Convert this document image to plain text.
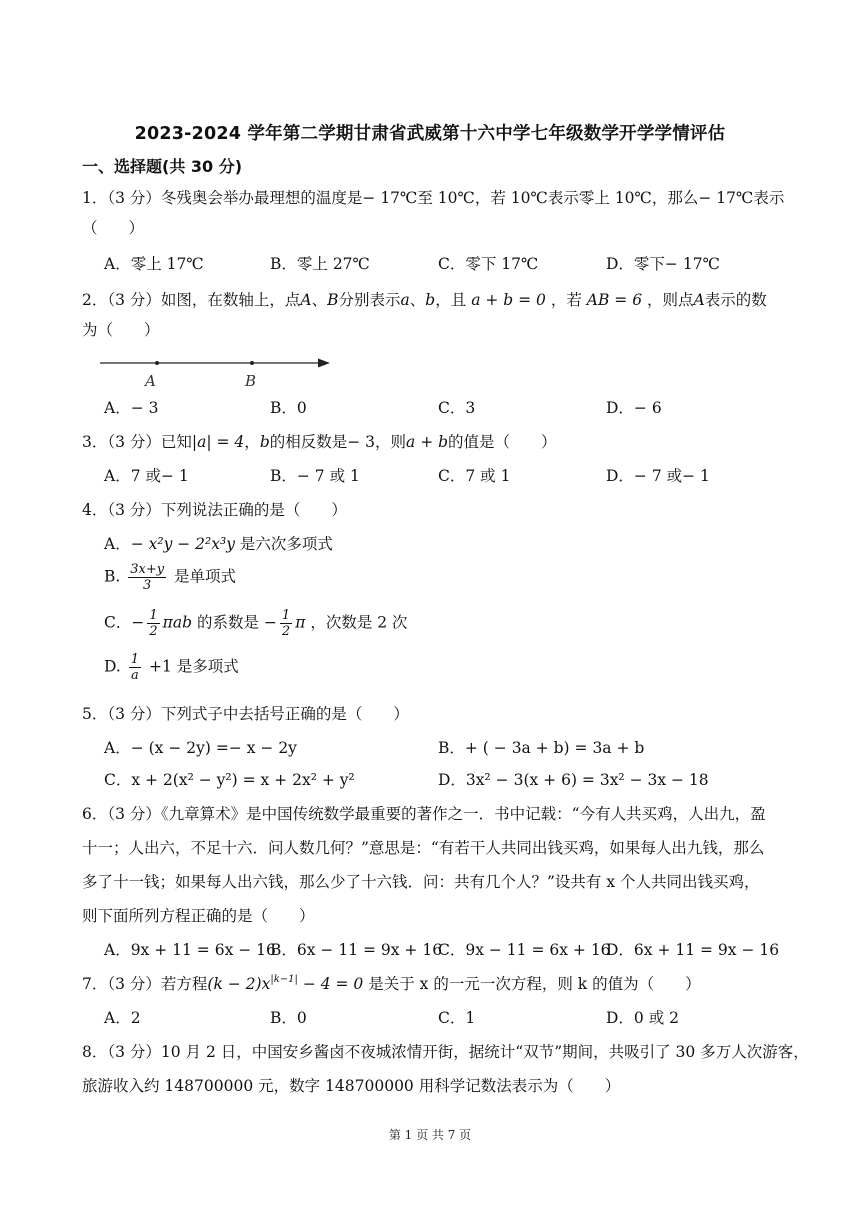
2023-2024 学年第二学期甘肃省武威第十六中学七年级数学开学学情评估
一、选择题(共 30 分)
1．（3 分）冬残奥会举办最理想的温度是− 17℃至 10℃，若 10℃表示零上 10℃，那么− 17℃表示
（　　）
A．零上 17℃	B．零上 27℃	C．零下 17℃	D．零下− 17℃
2．（3 分）如图，在数轴上，点A、B分别表示a、b，且 a + b = 0 ，若 AB = 6 ，则点A表示的数
为（　　）
A	B
A．− 3	B．0	C．3	D．− 6
3．（3 分）已知|a| = 4，b的相反数是− 3，则a + b的值是（　　）
A．7 或− 1	B．− 7 或 1	C．7 或 1	D．− 7 或− 1
4．（3 分）下列说法正确的是（　　）
A．− x²y − 2²x³y 是六次多项式
B. $\frac{3x+y}{3}$ 是单项式
C．− $\frac{1}{2}$ πab 的系数是 − $\frac{1}{2}$ π ，次数是 2 次
D. $\frac{1}{a} +1$ 是多项式
5．（3 分）下列式子中去括号正确的是（　　）
A．− (x − 2y) =− x − 2y	B．+ ( − 3a + b) = 3a + b
C．x + 2(x² − y²) = x + 2x² + y²	D．3x² − 3(x + 6) = 3x² − 3x − 18
6．（3 分）《九章算术》是中国传统数学最重要的著作之一．书中记载：“今有人共买鸡，人出九，盈
十一；人出六，不足十六．问人数几何？”意思是：“有若干人共同出钱买鸡，如果每人出九钱，那么
多了十一钱；如果每人出六钱，那么少了十六钱．问：共有几个人？”设共有 x 个人共同出钱买鸡，
则下面所列方程正确的是（　　）
A．9x + 11 = 6x − 16
B．6x − 11 = 9x + 16
C．9x − 11 = 6x + 16
D．6x + 11 = 9x − 16
7．（3 分）若方程$(k - 2)x^{|k-1|} - 4 = 0$ 是关于 x 的一元一次方程，则 k 的值为（　　）
A．2	B．0	C．1	D．0 或 2
8．（3 分）10 月 2 日，中国安乡酱卤不夜城浓情开街，据统计“双节”期间，共吸引了 30 多万人次游客，
旅游收入约 148700000 元，数字 148700000 用科学记数法表示为（　　）
第 1 页 共 7 页
